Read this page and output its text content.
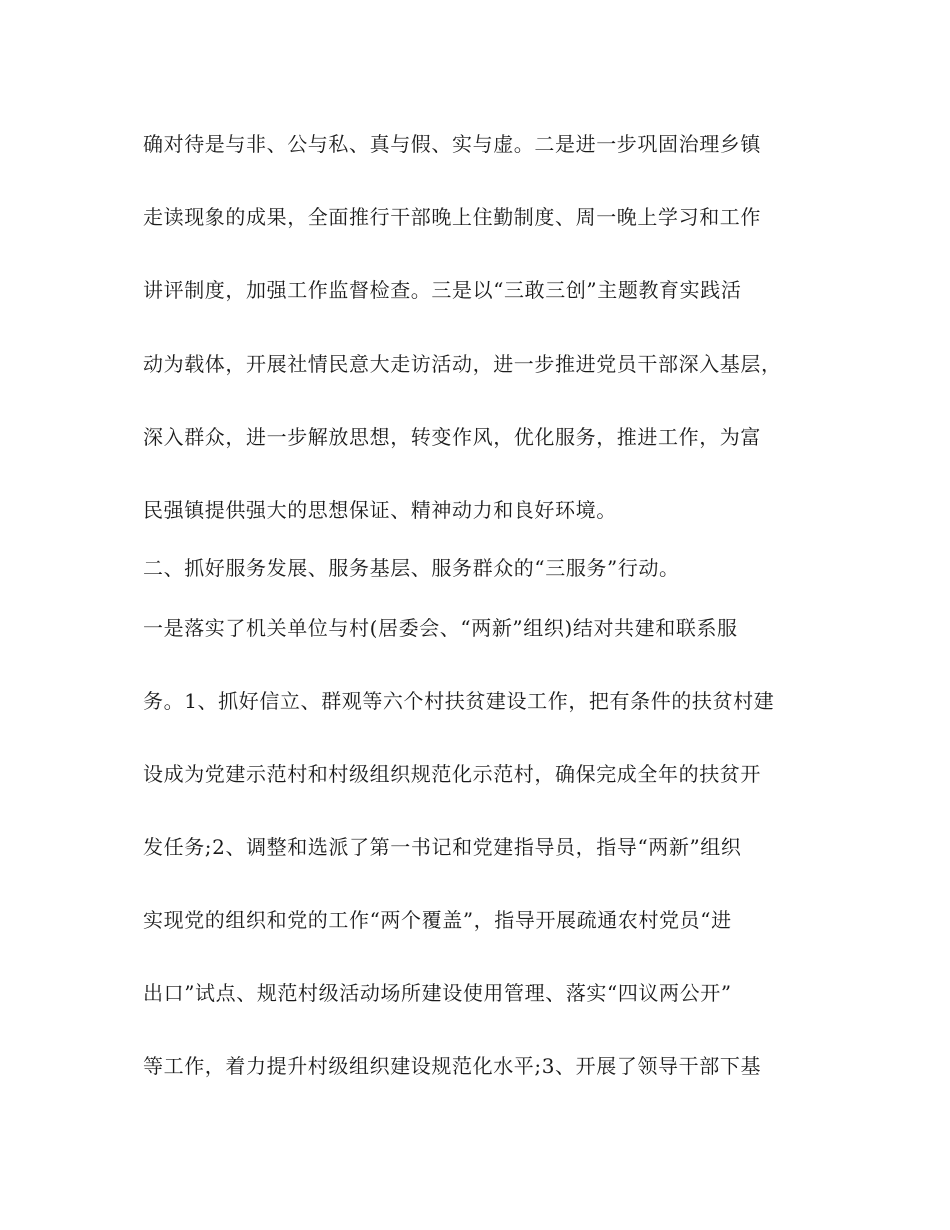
确对待是与非、公与私、真与假、实与虚。二是进一步巩固治理乡镇

走读现象的成果，全面推行干部晚上住勤制度、周一晚上学习和工作

讲评制度，加强工作监督检查。三是以“三敢三创”主题教育实践活

动为载体，开展社情民意大走访活动，进一步推进党员干部深入基层，

深入群众，进一步解放思想，转变作风，优化服务，推进工作，为富

民强镇提供强大的思想保证、精神动力和良好环境。

二、抓好服务发展、服务基层、服务群众的“三服务”行动。

一是落实了机关单位与村(居委会、“两新”组织)结对共建和联系服

务。1、抓好信立、群观等六个村扶贫建设工作，把有条件的扶贫村建

设成为党建示范村和村级组织规范化示范村，确保完成全年的扶贫开

发任务;2、调整和选派了第一书记和党建指导员，指导“两新”组织

实现党的组织和党的工作“两个覆盖”，指导开展疏通农村党员“进

出口”试点、规范村级活动场所建设使用管理、落实“四议两公开”

等工作，着力提升村级组织建设规范化水平;3、开展了领导干部下基
